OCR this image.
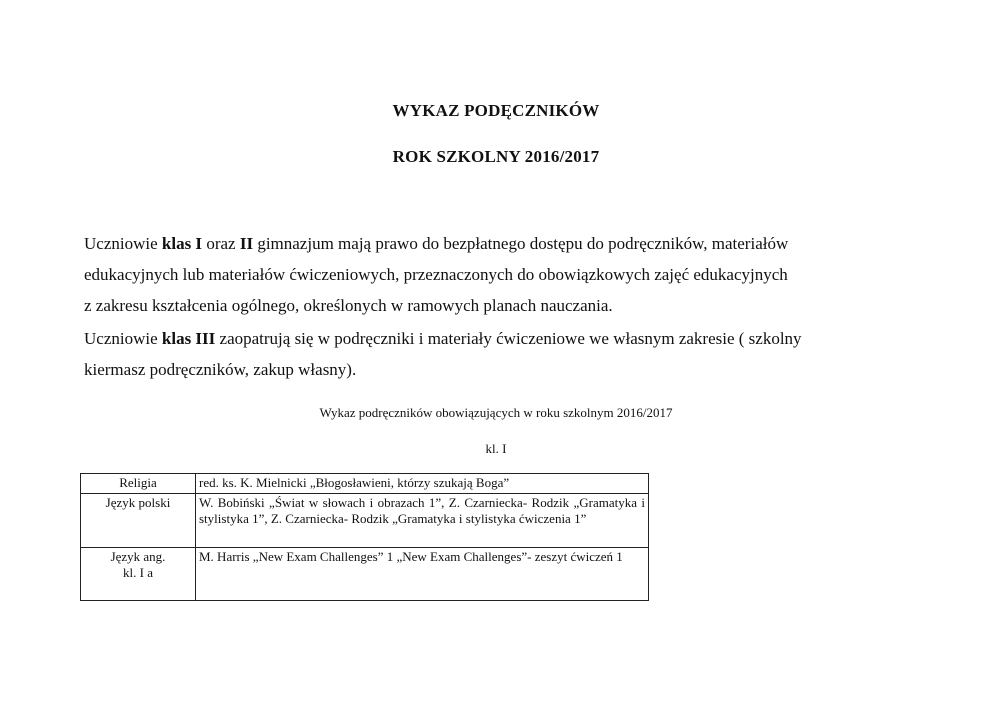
WYKAZ PODĘCZNIKÓW
ROK SZKOLNY 2016/2017

Uczniowie klas I oraz II gimnazjum mają prawo do bezpłatnego dostępu do podręczników, materiałów

edukacyjnych lub materiałów ćwiczeniowych, przeznaczonych do obowiązkowych zajęć edukacyjnych

z zakresu kształcenia ogólnego, określonych w ramowych planach nauczania.

Uczniowie klas III zaopatrują się w podręczniki i materiały ćwiczeniowe we własnym zakresie ( szkolny

kiermasz podręczników, zakup własny).

Wykaz podręczników obowiązujących w roku szkolnym 2016/2017
kl. I
Religia	red. ks. K. Mielnicki „Błogosławieni, którzy szukają Boga”
Język polski	W. Bobiński „Świat w słowach i obrazach 1”, Z. Czarniecka- Rodzik „Gramatyka i stylistyka 1”, Z. Czarniecka- Rodzik „Gramatyka i stylistyka ćwiczenia 1”

Język ang.
kl. I a	M. Harris „New Exam Challenges” 1 „New Exam Challenges”- zeszyt ćwiczeń 1
